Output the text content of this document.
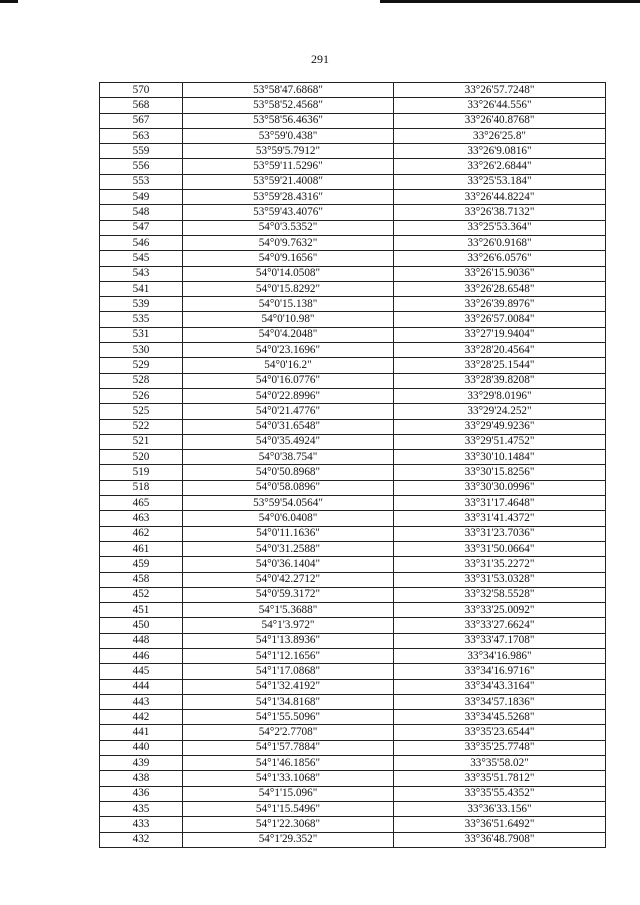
291
570	53°58'47.6868"	33°26'57.7248"
568	53°58'52.4568"	33°26'44.556"
567	53°58'56.4636"	33°26'40.8768"
563	53°59'0.438"	33°26'25.8"
559	53°59'5.7912"	33°26'9.0816"
556	53°59'11.5296"	33°26'2.6844"
553	53°59'21.4008"	33°25'53.184"
549	53°59'28.4316"	33°26'44.8224"
548	53°59'43.4076"	33°26'38.7132"
547	54°0'3.5352"	33°25'53.364"
546	54°0'9.7632"	33°26'0.9168"
545	54°0'9.1656"	33°26'6.0576"
543	54°0'14.0508"	33°26'15.9036"
541	54°0'15.8292"	33°26'28.6548"
539	54°0'15.138"	33°26'39.8976"
535	54°0'10.98"	33°26'57.0084"
531	54°0'4.2048"	33°27'19.9404"
530	54°0'23.1696"	33°28'20.4564"
529	54°0'16.2"	33°28'25.1544"
528	54°0'16.0776"	33°28'39.8208"
526	54°0'22.8996"	33°29'8.0196"
525	54°0'21.4776"	33°29'24.252"
522	54°0'31.6548"	33°29'49.9236"
521	54°0'35.4924"	33°29'51.4752"
520	54°0'38.754"	33°30'10.1484"
519	54°0'50.8968"	33°30'15.8256"
518	54°0'58.0896"	33°30'30.0996"
465	53°59'54.0564"	33°31'17.4648"
463	54°0'6.0408"	33°31'41.4372"
462	54°0'11.1636"	33°31'23.7036"
461	54°0'31.2588"	33°31'50.0664"
459	54°0'36.1404"	33°31'35.2272"
458	54°0'42.2712"	33°31'53.0328"
452	54°0'59.3172"	33°32'58.5528"
451	54°1'5.3688"	33°33'25.0092"
450	54°1'3.972"	33°33'27.6624"
448	54°1'13.8936"	33°33'47.1708"
446	54°1'12.1656"	33°34'16.986"
445	54°1'17.0868"	33°34'16.9716"
444	54°1'32.4192"	33°34'43.3164"
443	54°1'34.8168"	33°34'57.1836"
442	54°1'55.5096"	33°34'45.5268"
441	54°2'2.7708"	33°35'23.6544"
440	54°1'57.7884"	33°35'25.7748"
439	54°1'46.1856"	33°35'58.02"
438	54°1'33.1068"	33°35'51.7812"
436	54°1'15.096"	33°35'55.4352"
435	54°1'15.5496"	33°36'33.156"
433	54°1'22.3068"	33°36'51.6492"
432	54°1'29.352"	33°36'48.7908"
